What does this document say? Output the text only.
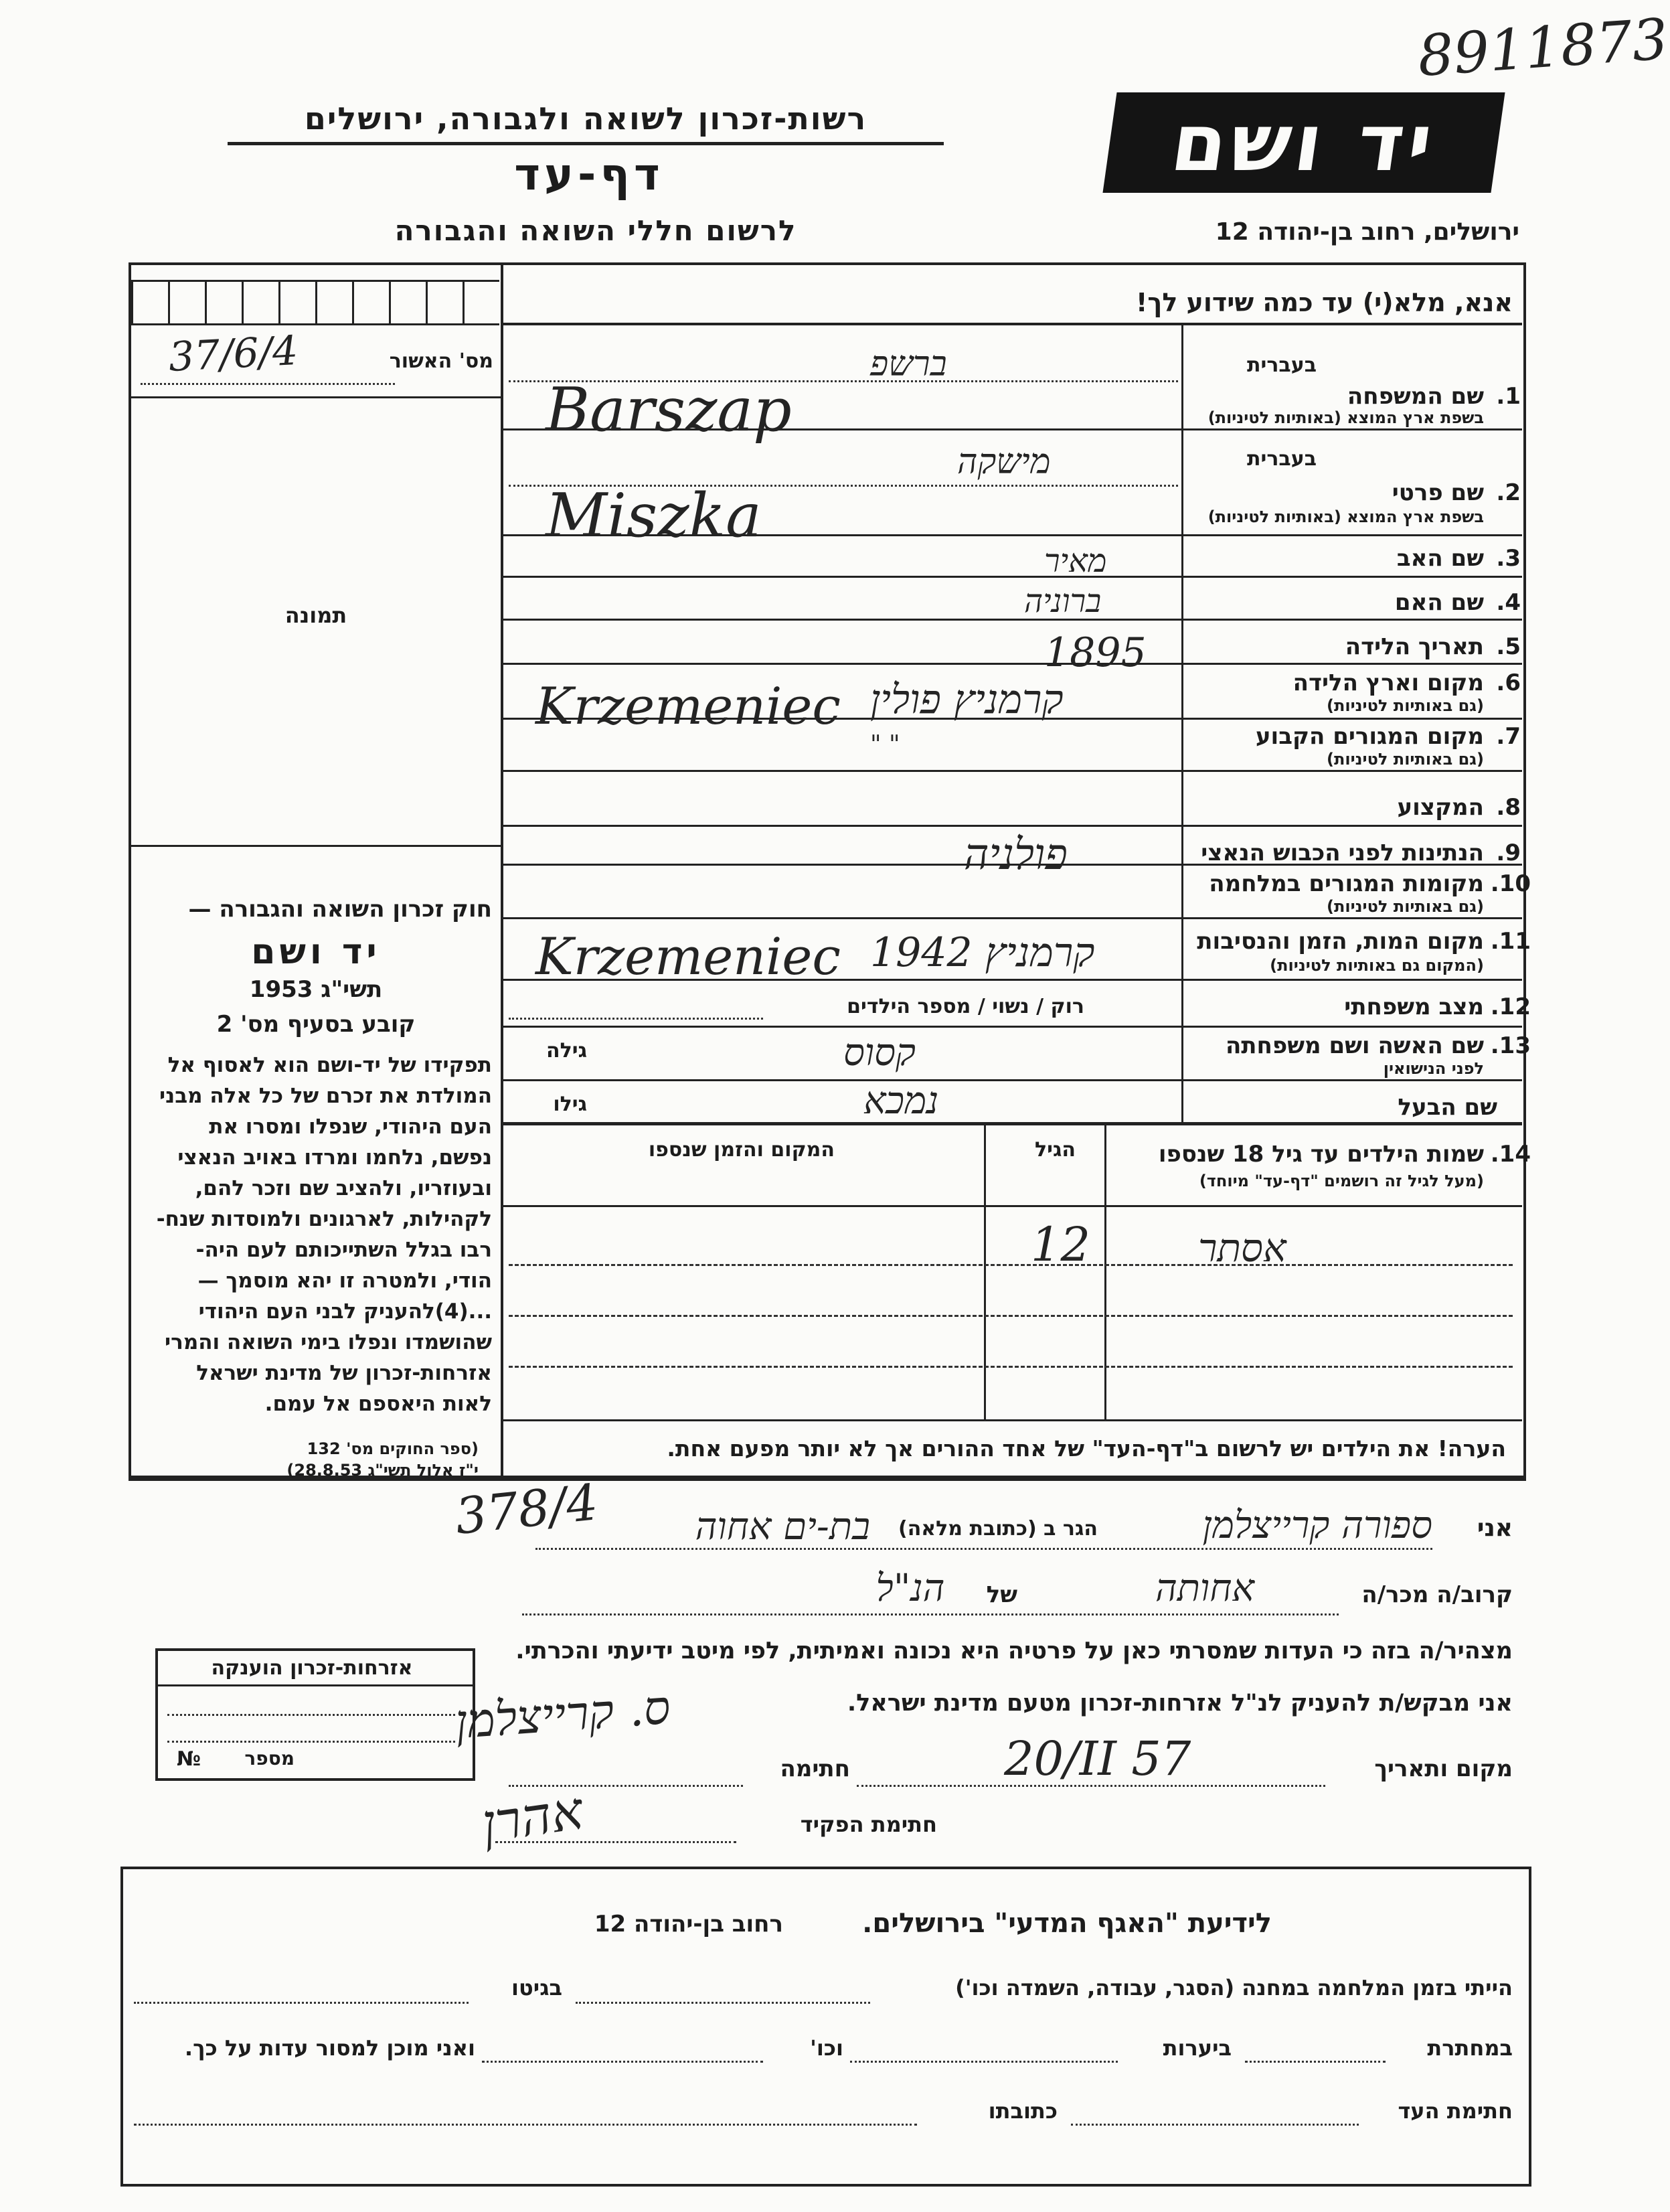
8911873
יד ושם
רשות-זכרון לשואה ולגבורה, ירושלים
דף-עד
לרשום חללי השואה והגבורה	ירושלים, רחוב בן-יהודה 12
אנא, מלא(י) עד כמה שידוע לך!
מס' האשור
37/6/4
תמונה
חוק זכרון השואה והגבורה —
יד ושם
תשי"ג 1953
קובע בסעיף מס' 2
תפקידו של יד-ושם הוא לאסוף אל
המולדת את זכרם של כל אלה מבני
העם היהודי, שנפלו ומסרו את
נפשם, נלחמו ומרדו באויב הנאצי
ובעוזריו, ולהציב שם וזכר להם,
לקהילות, לארגונים ולמוסדות שנח-
רבו בגלל השתייכותם לעם היה-
הודי, ולמטרה זו יהא מוסמך —
...(4)להעניק לבני העם היהודי
שהושמדו ונפלו בימי השואה והמרי
אזרחות-זכרון של מדינת ישראל
לאות היאספם אל עמם.
(ספר החוקים מס' 132
י"ז אלול תשי"ג 28.8.53)
1.
שם המשפחה
בעברית
בשפת ארץ המוצא (באותיות לטיניות)
בעברית
2.
שם פרטי
בשפת ארץ המוצא (באותיות לטיניות)
3.
שם האב
4.
שם האם
5.
תאריך הלידה
6.
מקום וארץ הלידה
(גם באותיות לטיניות)
7.
מקום המגורים הקבוע
(גם באותיות לטיניות)
8.
המקצוע
9.
הנתינות לפני הכבוש הנאצי
10.
מקומות המגורים במלחמה
(גם באותיות לטיניות)
11.
מקום המות, הזמן והנסיבות
(המקום גם באותיות לטיניות)
12.
מצב משפחתי
13.
שם האשה ושם משפחתה
לפני הנישואין
שם הבעל
ברשפ
Barszap
מישקה
Miszka
מאיר
ברוניה
1895
קרמניץ פולין
Krzemeniec
" "
פולניה
קרמניץ 1942
Krzemeniec
רוק / נשוי / מספר הילדים
קסוס
גילה
נמכא
גילו
14.
שמות הילדים עד גיל 18 שנספו
(מעל לגיל זה רושמים "דף-עד" מיוחד)
הגיל
המקום והזמן שנספו
אסתר
12
הערה! את הילדים יש לרשום ב"דף-העד" של אחד ההורים אך לא יותר מפעם אחת.
אני
ספורה קרייצלמן
הגר ב (כתובת מלאה)
בת-ים אחוה
378/4
קרוב/ה מכר/ה
אחותה
של
הנ"ל
מצהיר/ה בזה כי העדות שמסרתי כאן על פרטיה היא נכונה ואמיתית, לפי מיטב ידיעתי והכרתי.
אני מבקש/ת להעניק לנ"ל אזרחות-זכרון מטעם מדינת ישראל.
מקום ותאריך
20/II 57
חתימה
ס. קרייצלמן
חתימת הפקיד
אהרן
אזרחות-זכרון הוענקה
מספר
№
לידיעת "האגף המדעי" בירושלים.
רחוב בן-יהודה 12
הייתי בזמן המלחמה במחנה (הסגר, עבודה, השמדה וכו')
בגיטו
במחתרת
ביערות
וכו'
ואני מוכן למסור עדות על כך.
חתימת העד
כתובתו
